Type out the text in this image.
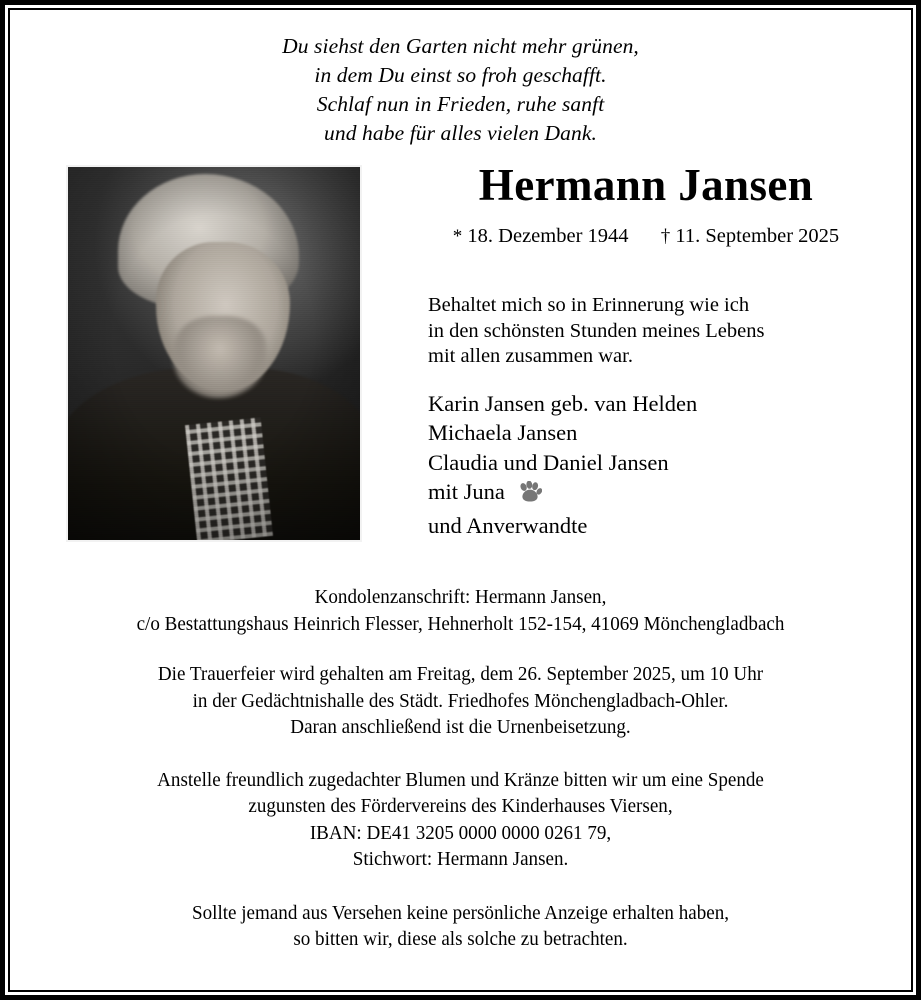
Du siehst den Garten nicht mehr grünen,
in dem Du einst so froh geschafft.
Schlaf nun in Frieden, ruhe sanft
und habe für alles vielen Dank.
Hermann Jansen
* 18. Dezember 1944 † 11. September 2025
Behaltet mich so in Erinnerung wie ich
in den schönsten Stunden meines Lebens
mit allen zusammen war.
Karin Jansen geb. van Helden
Michaela Jansen
Claudia und Daniel Jansen
mit Juna
und Anverwandte
Kondolenzanschrift: Hermann Jansen,
c/o Bestattungshaus Heinrich Flesser, Hehnerholt 152-154, 41069 Mönchengladbach
Die Trauerfeier wird gehalten am Freitag, dem 26. September 2025, um 10 Uhr
in der Gedächtnishalle des Städt. Friedhofes Mönchengladbach-Ohler.
Daran anschließend ist die Urnenbeisetzung.
Anstelle freundlich zugedachter Blumen und Kränze bitten wir um eine Spende
zugunsten des Fördervereins des Kinderhauses Viersen,
IBAN: DE41 3205 0000 0000 0261 79,
Stichwort: Hermann Jansen.
Sollte jemand aus Versehen keine persönliche Anzeige erhalten haben,
so bitten wir, diese als solche zu betrachten.
